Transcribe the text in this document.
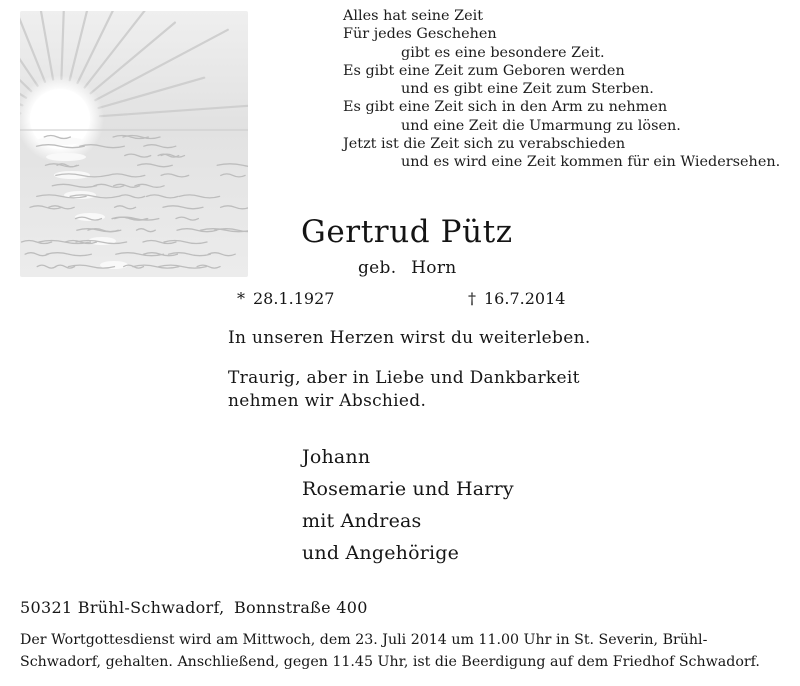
Alles hat seine Zeit
Für jedes Geschehen
gibt es eine besondere Zeit.
Es gibt eine Zeit zum Geboren werden
und es gibt eine Zeit zum Sterben.
Es gibt eine Zeit sich in den Arm zu nehmen
und eine Zeit die Umarmung zu lösen.
Jetzt ist die Zeit sich zu verabschieden
und es wird eine Zeit kommen für ein Wiedersehen.
Gertrud Pütz
geb. Horn
* 28.1.1927	† 16.7.2014
In unseren Herzen wirst du weiterleben.
Traurig, aber in Liebe und Dankbarkeit
nehmen wir Abschied.
Johann
Rosemarie und Harry
mit Andreas
und Angehörige
50321 Brühl-Schwadorf, Bonnstraße 400

Der Wortgottesdienst wird am Mittwoch, dem 23. Juli 2014 um 11.00 Uhr in St. Severin, Brühl-
Schwadorf, gehalten. Anschließend, gegen 11.45 Uhr, ist die Beerdigung auf dem Friedhof Schwadorf.
